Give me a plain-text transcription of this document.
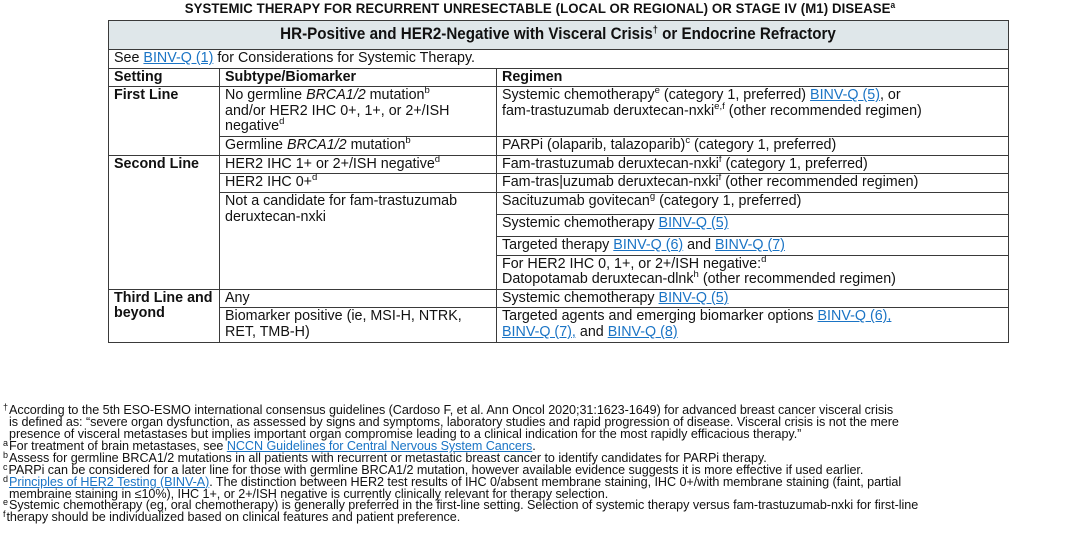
SYSTEMIC THERAPY FOR RECURRENT UNRESECTABLE (LOCAL OR REGIONAL) OR STAGE IV (M1) DISEASE$^a$
HR-Positive and HER2-Negative with Visceral Crisis† or Endocrine Refractory		
See BINV-Q (1) for Considerations for Systemic Therapy.		
Setting	Subtype/Biomarker	Regimen
First Line	No germline BRCA1/2 mutation$^b$
and/or HER2 IHC 0+, 1+, or 2+/ISH negative$^d$	Systemic chemotherapy$^e$ (category 1, preferred) BINV-Q (5), or
fam-trastuzumab deruxtecan-nxki$^{e,f}$ (other recommended regimen)
	Germline BRCA1/2 mutation$^b$	PARPi (olaparib, talazoparib)$^c$ (category 1, preferred)
Second Line	HER2 IHC 1+ or 2+/ISH negative$^d$	Fam-trastuzumab deruxtecan-nxki$^f$ (category 1, preferred)
	HER2 IHC 0+$^d$	Fam-tras|uzumab deruxtecan-nxki$^f$ (other recommended regimen)
	Not a candidate for fam-trastuzumab deruxtecan-nxki	Sacituzumab govitecan$^g$ (category 1, preferred)
		Systemic chemotherapy BINV-Q (5)
		Targeted therapy BINV-Q (6) and BINV-Q (7)
		For HER2 IHC 0, 1+, or 2+/ISH negative:$^d$
Datopotamab deruxtecan-dlnk$^h$ (other recommended regimen)
Third Line and beyond	Any	Systemic chemotherapy BINV-Q (5)
	Biomarker positive (ie, MSI-H, NTRK, RET, TMB-H)	Targeted agents and emerging biomarker options BINV-Q (6),
BINV-Q (7), and BINV-Q (8)
†According to the 5th ESO-ESMO international consensus guidelines (Cardoso F, et al. Ann Oncol 2020;31:1623-1649) for advanced breast cancer visceral crisis
is defined as: “severe organ dysfunction, as assessed by signs and symptoms, laboratory studies and rapid progression of disease. Visceral crisis is not the mere
presence of visceral metastases but implies important organ compromise leading to a clinical indication for the most rapidly efficacious therapy.”
$^a$For treatment of brain metastases, see NCCN Guidelines for Central Nervous System Cancers.
$^b$Assess for germline BRCA1/2 mutations in all patients with recurrent or metastatic breast cancer to identify candidates for PARPi therapy.
$^c$PARPi can be considered for a later line for those with germline BRCA1/2 mutation, however available evidence suggests it is more effective if used earlier.
$^d$Principles of HER2 Testing (BINV-A). The distinction between HER2 test results of IHC 0/absent membrane staining, IHC 0+/with membrane staining (faint, partial
membraine staining in ≤10%), IHC 1+, or 2+/ISH negative is currently clinically relevant for therapy selection.
$^e$Systemic chemotherapy (eg, oral chemotherapy) is generally preferred in the first-line setting. Selection of systemic therapy versus fam-trastuzumab-nxki for first-line
$^f$therapy should be individualized based on clinical features and patient preference.
